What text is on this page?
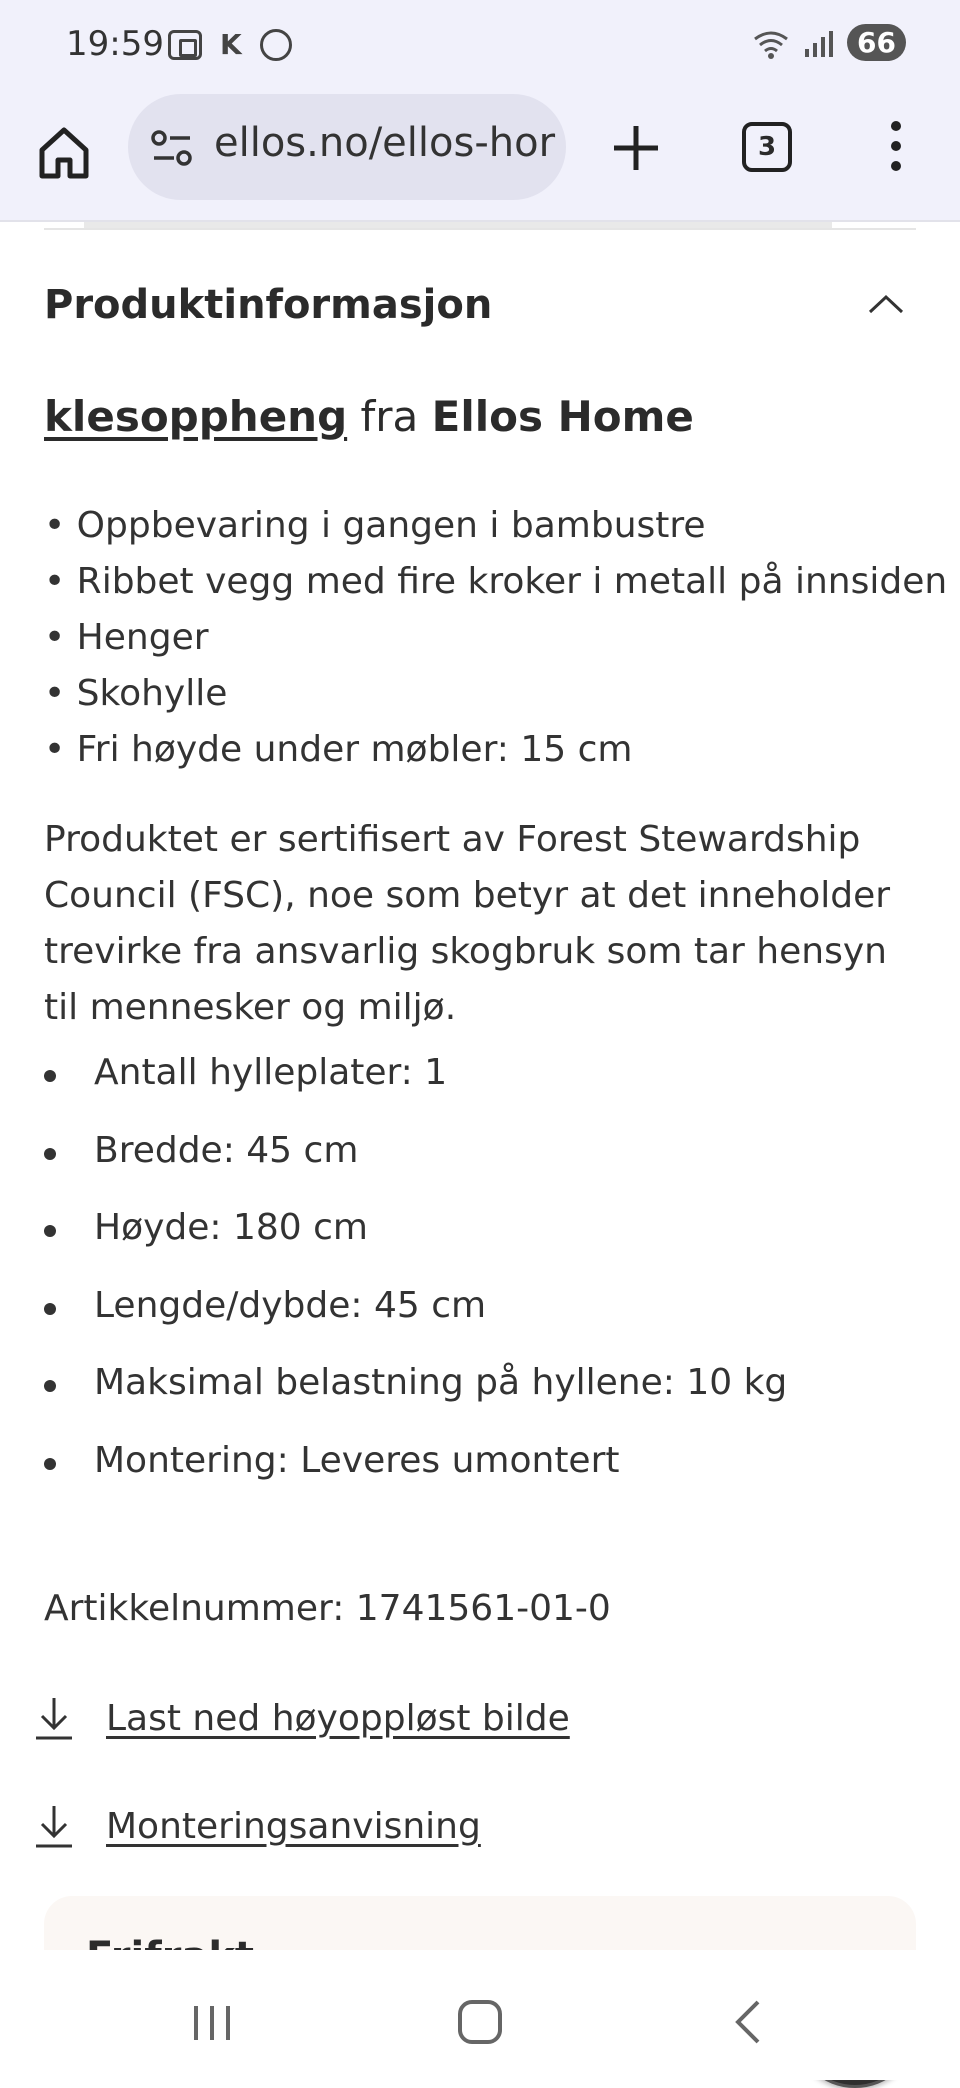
19:59 K	66
ellos.no/ellos-hor	3
Produktinformasjon
klesoppheng fra Ellos Home
• Oppbevaring i gangen i bambustre
• Ribbet vegg med fire kroker i metall på innsiden
• Henger
• Skohylle
• Fri høyde under møbler: 15 cm
Produktet er sertifisert av Forest Stewardship Council (FSC), noe som betyr at det inneholder trevirke fra ansvarlig skogbruk som tar hensyn til mennesker og miljø.
Antall hylleplater: 1
Bredde: 45 cm
Høyde: 180 cm
Lengde/dybde: 45 cm
Maksimal belastning på hyllene: 10 kg
Montering: Leveres umontert
Artikkelnummer: 1741561-01-0
Last ned høyoppløst bilde
Monteringsanvisning
